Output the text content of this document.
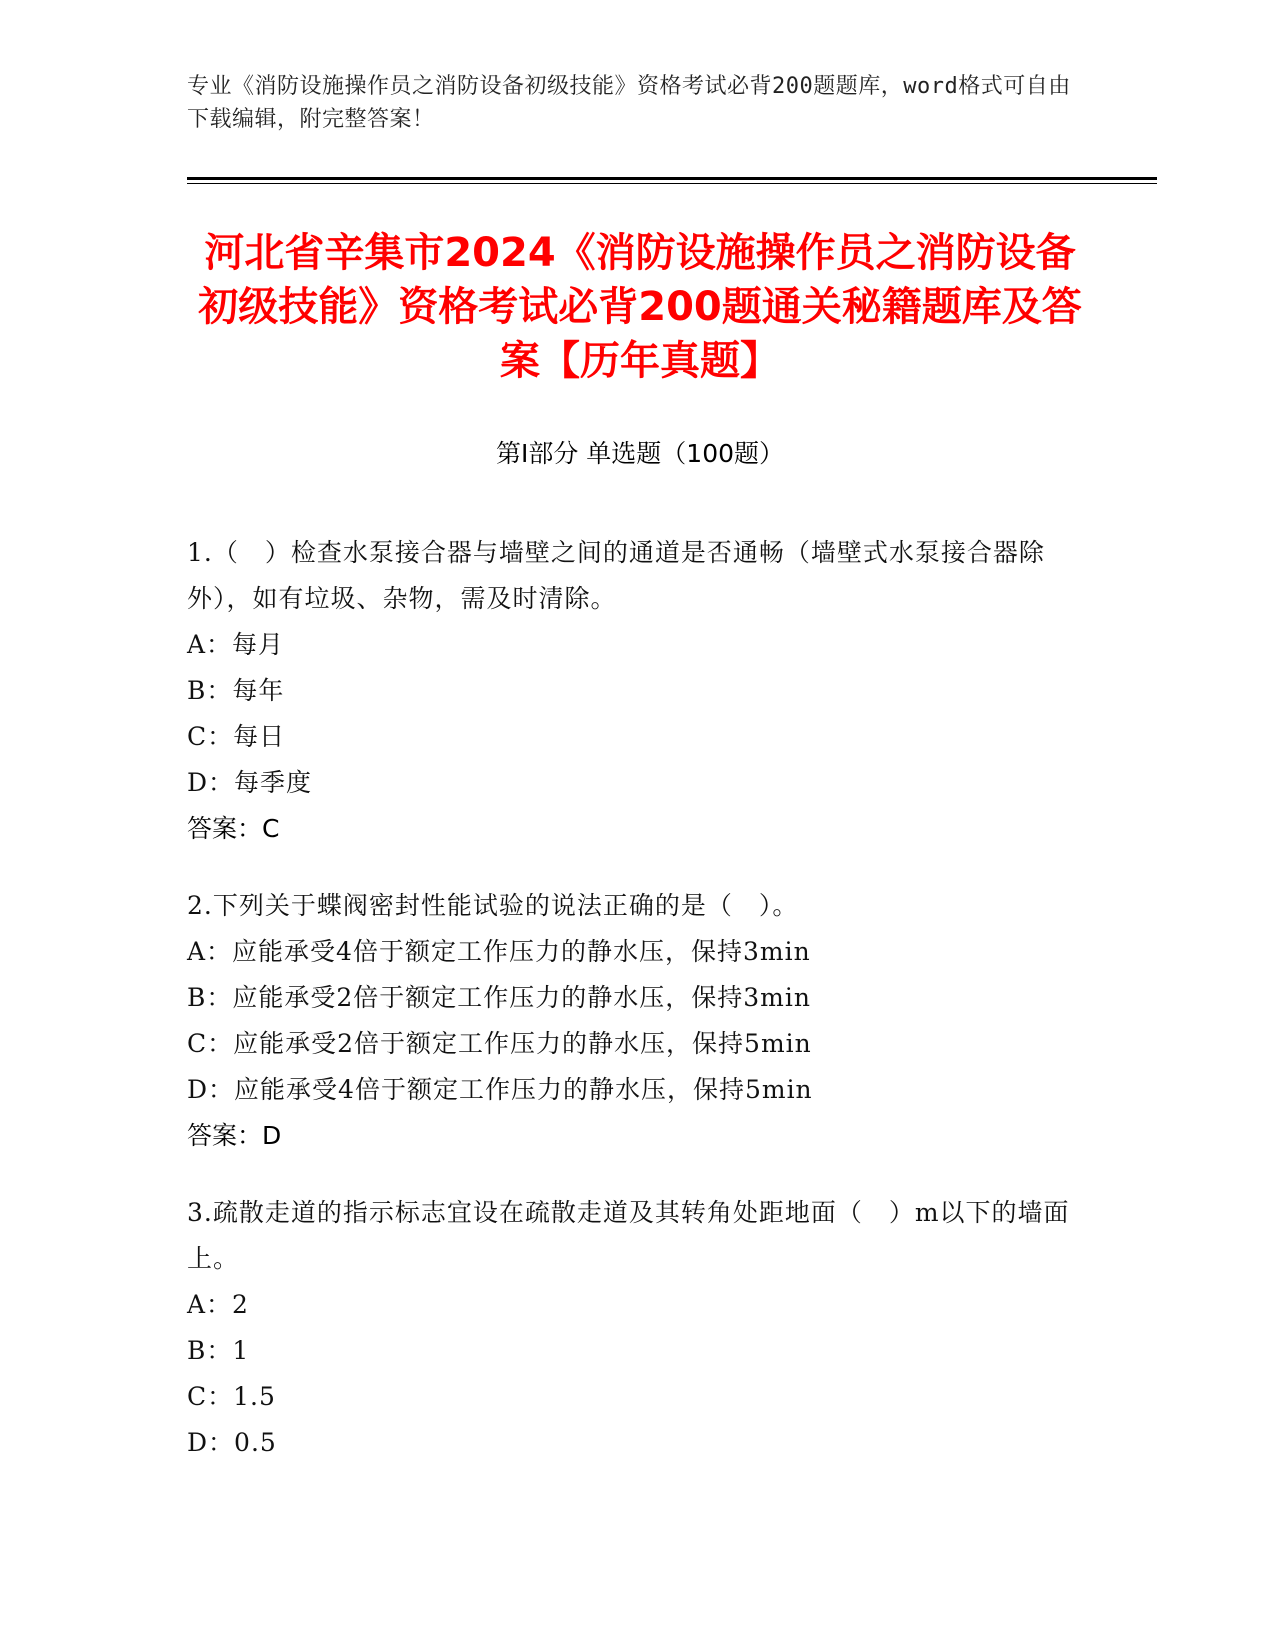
专业《消防设施操作员之消防设备初级技能》资格考试必背200题题库，word格式可自由下载编辑，附完整答案！
河北省辛集市2024《消防设施操作员之消防设备初级技能》资格考试必背200题通关秘籍题库及答案【历年真题】
第Ⅰ部分 单选题（100题）
1.（　）检查水泵接合器与墙壁之间的通道是否通畅（墙壁式水泵接合器除外），如有垃圾、杂物，需及时清除。
A：每月
B：每年
C：每日
D：每季度
答案：C
2.下列关于蝶阀密封性能试验的说法正确的是（　）。
A：应能承受4倍于额定工作压力的静水压，保持3min
B：应能承受2倍于额定工作压力的静水压，保持3min
C：应能承受2倍于额定工作压力的静水压，保持5min
D：应能承受4倍于额定工作压力的静水压，保持5min
答案：D
3.疏散走道的指示标志宜设在疏散走道及其转角处距地面（　）m以下的墙面上。
A：2
B：1
C：1.5
D：0.5
